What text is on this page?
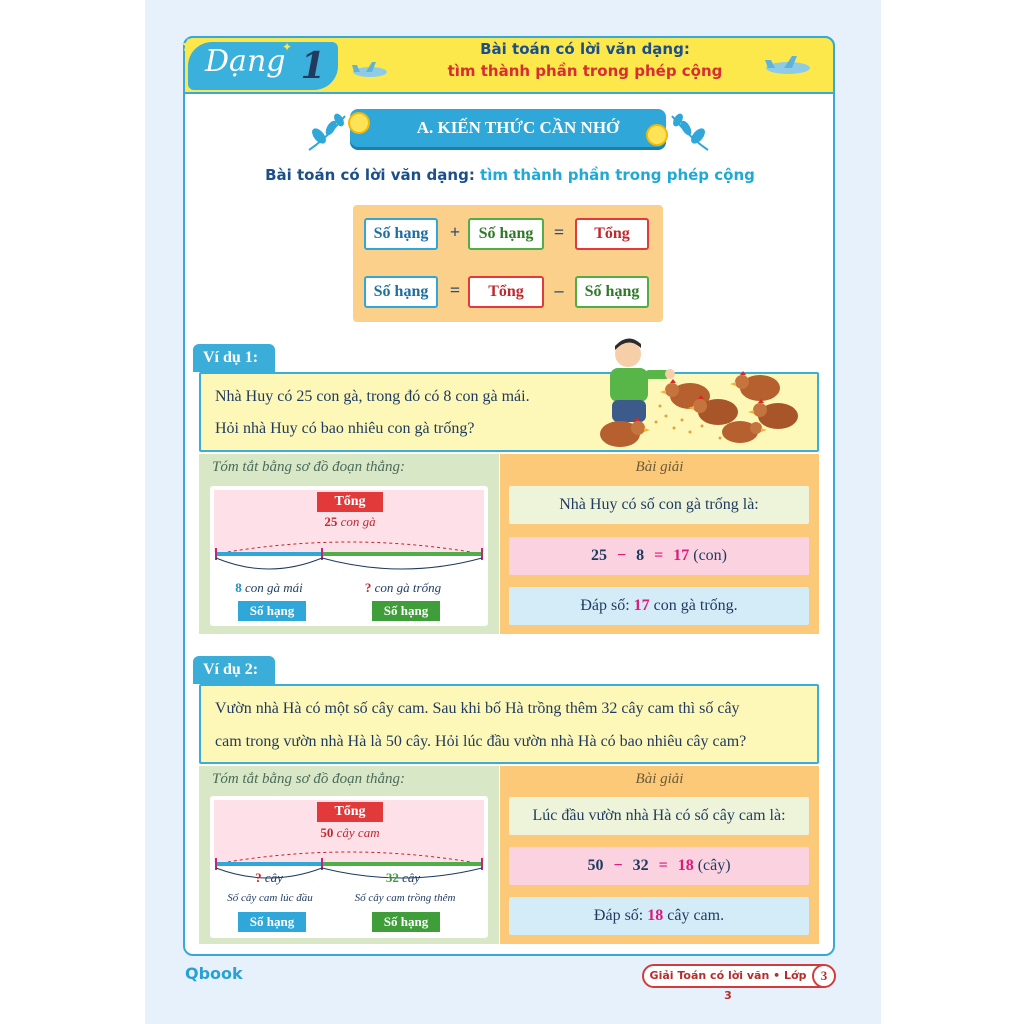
★	✦
Dạng 1	Bài toán có lời văn dạng:
tìm thành phần trong phép cộng
A. KIẾN THỨC CẦN NHỚ
Bài toán có lời văn dạng: tìm thành phần trong phép cộng
Số hạng	+	Số hạng	=	Tổng
Số hạng	=	Tổng	–	Số hạng
Ví dụ 1:
Nhà Huy có 25 con gà, trong đó có 8 con gà mái.
Hỏi nhà Huy có bao nhiêu con gà trống?
Tóm tắt bằng sơ đồ đoạn thẳng:
Tổng
25 con gà
8 con gà mái	? con gà trống
Số hạng	Số hạng
Bài giải
Nhà Huy có số con gà trống là:
25 − 8 = 17 (con)
Đáp số: 17 con gà trống.
Ví dụ 2:
Vườn nhà Hà có một số cây cam. Sau khi bố Hà trồng thêm 32 cây cam thì số cây
cam trong vườn nhà Hà là 50 cây. Hỏi lúc đầu vườn nhà Hà có bao nhiêu cây cam?
Tóm tắt bằng sơ đồ đoạn thẳng:
Tổng
50 cây cam
? cây	32 cây
Số cây cam lúc đầu	Số cây cam trồng thêm
Số hạng	Số hạng
Bài giải
Lúc đầu vườn nhà Hà có số cây cam là:
50 − 32 = 18 (cây)
Đáp số: 18 cây cam.
Qbook	Giải Toán có lời văn • Lớp 3
3
